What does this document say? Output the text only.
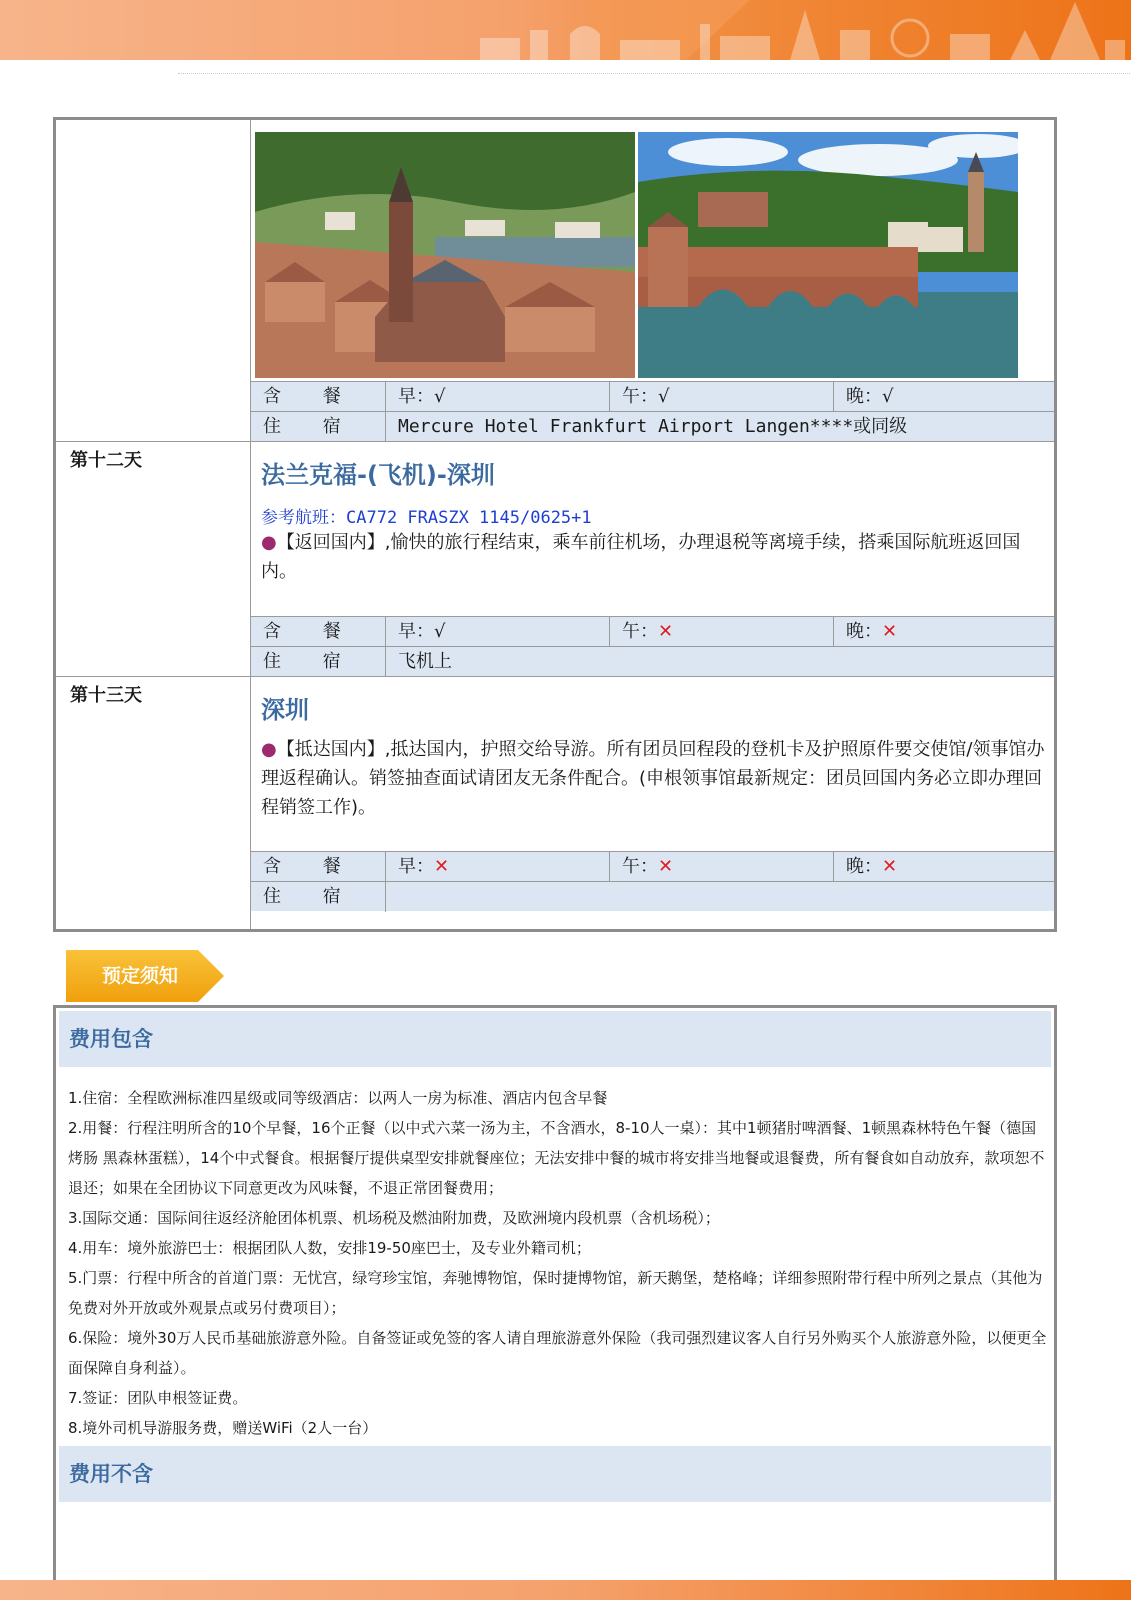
含 餐	早：√	午：√	晚：√
住 宿	Mercure Hotel Frankfurt Airport Langen****或同级
第十二天
法兰克福-(飞机)-深圳
参考航班：CA772 FRASZX 1145/0625+1
●【返回国内】,愉快的旅行程结束，乘车前往机场，办理退税等离境手续，搭乘国际航班返回国内。
含 餐	早：√	午：✕	晚：✕
住 宿	飞机上
第十三天
深圳
●【抵达国内】,抵达国内，护照交给导游。所有团员回程段的登机卡及护照原件要交使馆/领事馆办理返程确认。销签抽查面试请团友无条件配合。(申根领事馆最新规定：团员回国内务必立即办理回程销签工作)。
含 餐	早：✕	午：✕	晚：✕
住 宿
预定须知
费用包含
1.住宿：全程欧洲标准四星级或同等级酒店：以两人一房为标准、酒店内包含早餐
2.用餐：行程注明所含的10个早餐，16个正餐（以中式六菜一汤为主，不含酒水，8-10人一桌）：其中1顿猪肘啤酒餐、1顿黑森林特色午餐（德国烤肠 黑森林蛋糕），14个中式餐食。根据餐厅提供桌型安排就餐座位；无法安排中餐的城市将安排当地餐或退餐费，所有餐食如自动放弃，款项恕不退还；如果在全团协议下同意更改为风味餐，不退正常团餐费用；
3.国际交通：国际间往返经济舱团体机票、机场税及燃油附加费，及欧洲境内段机票（含机场税）；
4.用车：境外旅游巴士：根据团队人数，安排19-50座巴士，及专业外籍司机；
5.门票：行程中所含的首道门票：无忧宫，绿穹珍宝馆，奔驰博物馆，保时捷博物馆，新天鹅堡，楚格峰；详细参照附带行程中所列之景点（其他为免费对外开放或外观景点或另付费项目）；
6.保险：境外30万人民币基础旅游意外险。自备签证或免签的客人请自理旅游意外保险（我司强烈建议客人自行另外购买个人旅游意外险，以便更全面保障自身利益）。
7.签证：团队申根签证费。
8.境外司机导游服务费，赠送WiFi（2人一台）
费用不含
